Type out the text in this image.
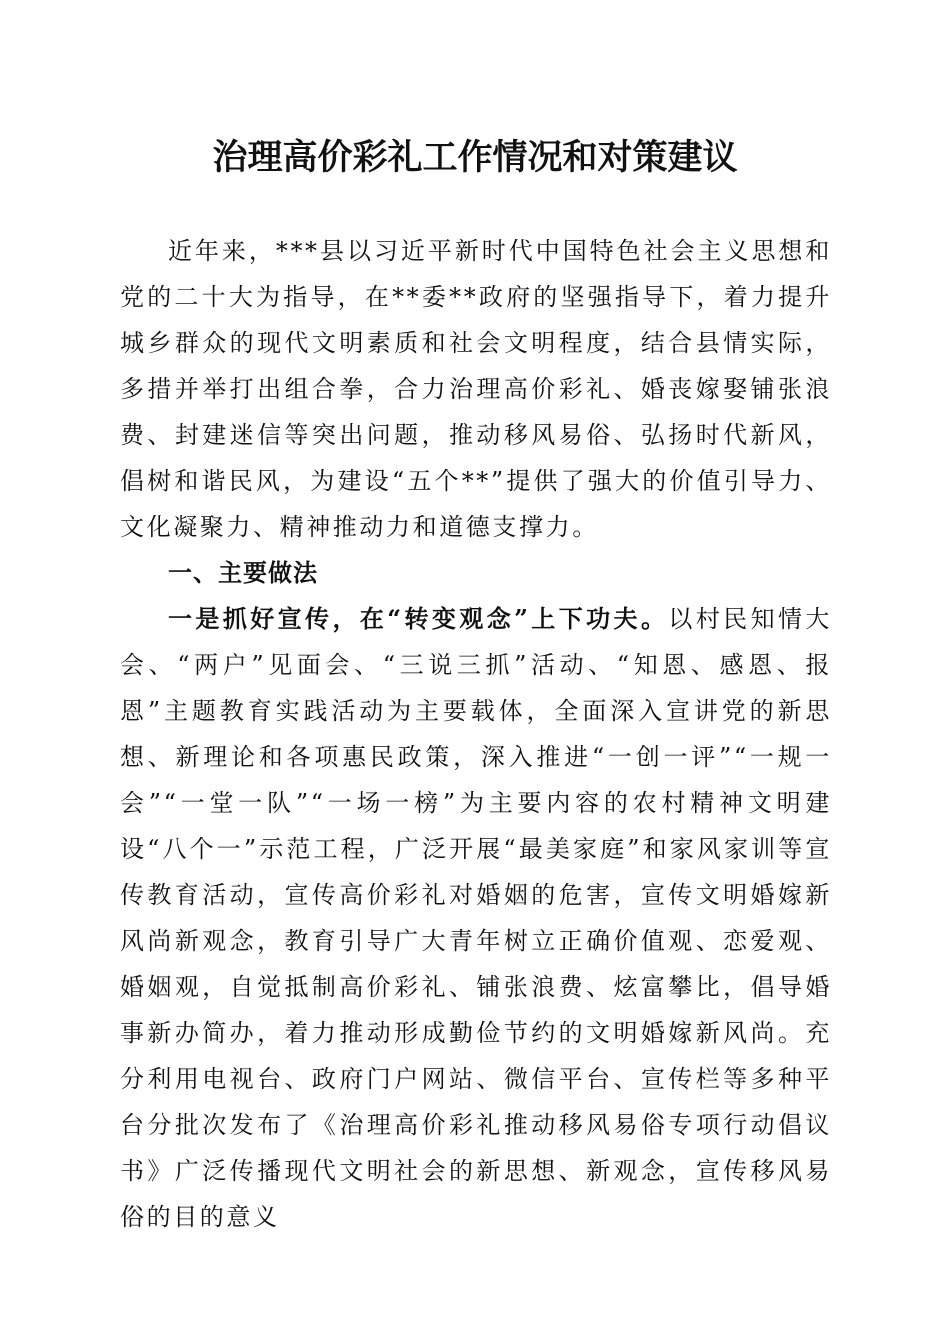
治理高价彩礼工作情况和对策建议

近年来，***县以习近平新时代中国特色社会主义思想和党的二十大为指导，在**委**政府的坚强指导下，着力提升城乡群众的现代文明素质和社会文明程度，结合县情实际，多措并举打出组合拳，合力治理高价彩礼、婚丧嫁娶铺张浪费、封建迷信等突出问题，推动移风易俗、弘扬时代新风，倡树和谐民风，为建设“五个**”提供了强大的价值引导力、文化凝聚力、精神推动力和道德支撑力。

一、主要做法

一是抓好宣传，在“转变观念”上下功夫。以村民知情大会、“两户”见面会、“三说三抓”活动、“知恩、感恩、报恩”主题教育实践活动为主要载体，全面深入宣讲党的新思想、新理论和各项惠民政策，深入推进“一创一评”“一规一会”“一堂一队”“一场一榜”为主要内容的农村精神文明建设“八个一”示范工程，广泛开展“最美家庭”和家风家训等宣传教育活动，宣传高价彩礼对婚姻的危害，宣传文明婚嫁新风尚新观念，教育引导广大青年树立正确价值观、恋爱观、婚姻观，自觉抵制高价彩礼、铺张浪费、炫富攀比，倡导婚事新办简办，着力推动形成勤俭节约的文明婚嫁新风尚。充分利用电视台、政府门户网站、微信平台、宣传栏等多种平台分批次发布了《治理高价彩礼推动移风易俗专项行动倡议书》广泛传播现代文明社会的新思想、新观念，宣传移风易俗的目的意义
